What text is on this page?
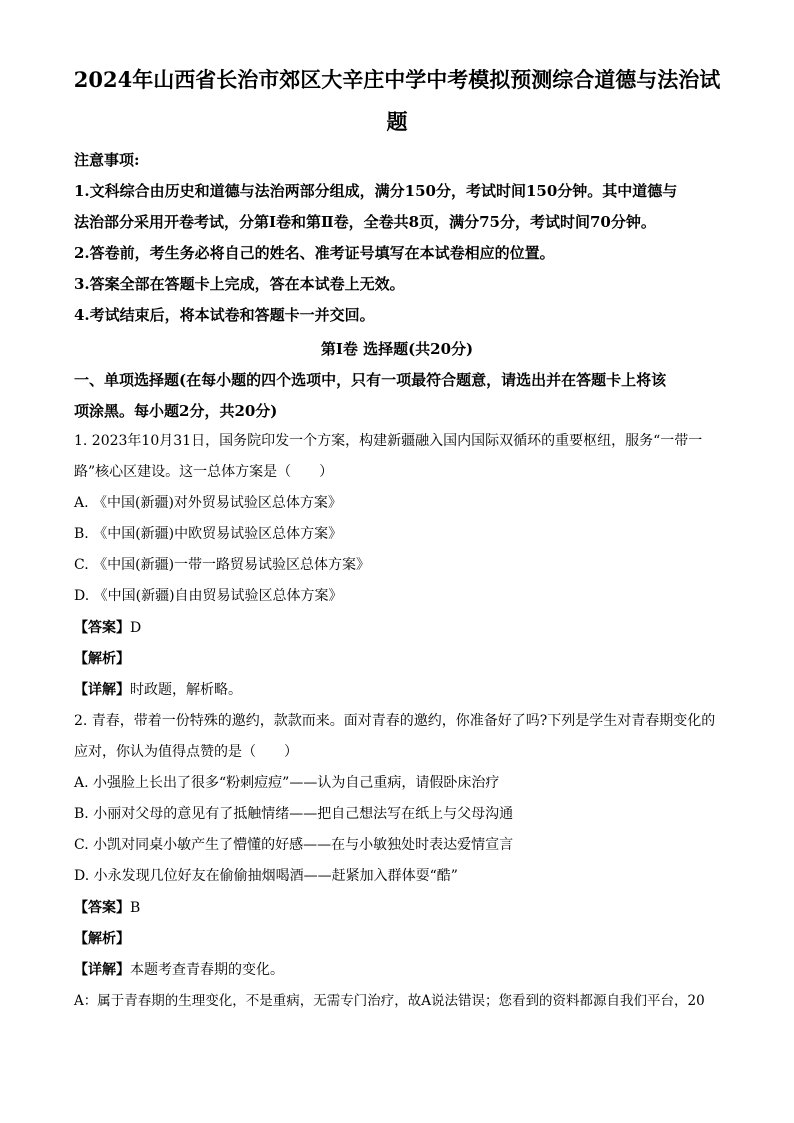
2024年山西省长治市郊区大辛庄中学中考模拟预测综合道德与法治试
题
注意事项:
1.文科综合由历史和道德与法治两部分组成，满分150分，考试时间150分钟。其中道德与
法治部分采用开卷考试，分第Ⅰ卷和第Ⅱ卷，全卷共8页，满分75分，考试时间70分钟。
2.答卷前，考生务必将自己的姓名、准考证号填写在本试卷相应的位置。
3.答案全部在答题卡上完成，答在本试卷上无效。
4.考试结束后，将本试卷和答题卡一并交回。
第Ⅰ卷 选择题(共20分)
一、单项选择题(在每小题的四个选项中，只有一项最符合题意，请选出并在答题卡上将该
项涂黑。每小题2分，共20分)
1. 2023年10月31日，国务院印发一个方案，构建新疆融入国内国际双循环的重要枢纽，服务“一带一
路”核心区建设。这一总体方案是（　　）
A. 《中国(新疆)对外贸易试验区总体方案》
B. 《中国(新疆)中欧贸易试验区总体方案》
C. 《中国(新疆)一带一路贸易试验区总体方案》
D. 《中国(新疆)自由贸易试验区总体方案》
【答案】D
【解析】
【详解】时政题，解析略。
2. 青春，带着一份特殊的邀约，款款而来。面对青春的邀约，你准备好了吗?下列是学生对青春期变化的
应对，你认为值得点赞的是（　　）
A. 小强脸上长出了很多“粉刺痘痘”——认为自己重病，请假卧床治疗
B. 小丽对父母的意见有了抵触情绪——把自己想法写在纸上与父母沟通
C. 小凯对同桌小敏产生了懵懂的好感——在与小敏独处时表达爱情宣言
D. 小永发现几位好友在偷偷抽烟喝酒——赶紧加入群体耍“酷”
【答案】B
【解析】
【详解】本题考查青春期的变化。
A：属于青春期的生理变化，不是重病，无需专门治疗，故A说法错误；您看到的资料都源自我们平台，20
